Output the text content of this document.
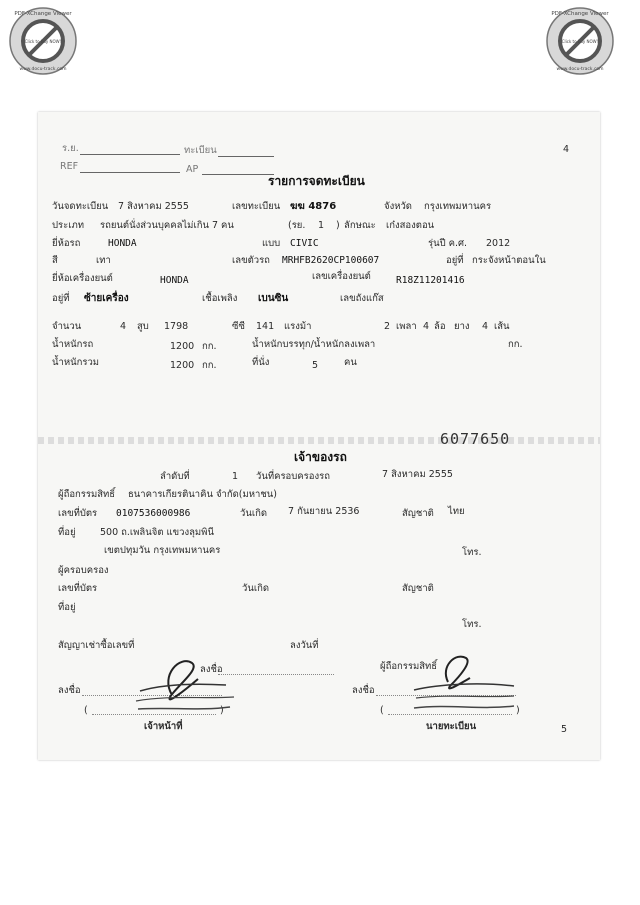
PDF-XChange Viewer
www.docu-track.com
Click to buy NOW!
PDF-XChange Viewer
www.docu-track.com
Click to buy NOW!
4
5
ร.ย.	ทะเบียน
REF	AP
รายการจดทะเบียน
วันจดทะเบียน 7 สิงหาคม 2555	เลขทะเบียน ฆฆ 4876	จังหวัด กรุงเทพมหานคร
ประเภท รถยนต์นั่งส่วนบุคคลไม่เกิน 7 คน	(รย. 1 ) ลักษณะ เก๋งสองตอน
ยี่ห้อรถ	HONDA	แบบ CIVIC	รุ่นปี ค.ศ. 2012
สี	เทา	เลขตัวรถ MRHFB2620CP100607	อยู่ที่ กระจังหน้าตอนใน
ยี่ห้อเครื่องยนต์	HONDA	เลขเครื่องยนต์	R18Z11201416
อยู่ที่ ซ้ายเครื่อง	เชื้อเพลิง เบนซิน	เลขถังแก๊ส
จำนวน	4 สูบ 1798	ซีซี 141 แรงม้า	2 เพลา 4 ล้อ ยาง 4 เส้น
น้ำหนักรถ	1200 กก.	น้ำหนักบรรทุก/น้ำหนักลงเพลา	กก.
น้ำหนักรวม	1200 กก.	ที่นั่ง	5	คน
6077650
เจ้าของรถ
ลำดับที่	1 วันที่ครอบครองรถ	7 สิงหาคม 2555
ผู้ถือกรรมสิทธิ์ ธนาคารเกียรตินาคิน จำกัด(มหาชน)
เลขที่บัตร 0107536000986	วันเกิด 7 กันยายน 2536	สัญชาติ ไทย
ที่อยู่	500 ถ.เพลินจิต แขวงลุมพินี
เขตปทุมวัน กรุงเทพมหานคร	โทร.
ผู้ครอบครอง
เลขที่บัตร	วันเกิด	สัญชาติ
ที่อยู่
โทร.
สัญญาเช่าซื้อเลขที่	ลงวันที่
ลงชื่อ	ผู้ถือกรรมสิทธิ์
ลงชื่อ	ลงชื่อ
(	)	(	)
เจ้าหน้าที่	นายทะเบียน
